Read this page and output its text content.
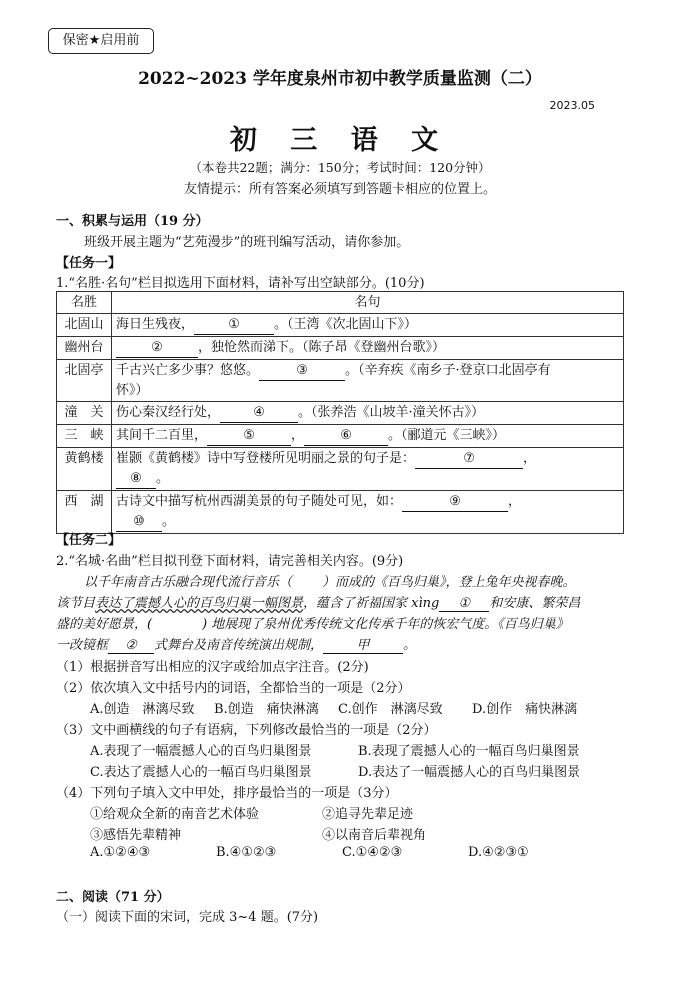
保密★启用前
2022~2023 学年度泉州市初中教学质量监测（二）
2023.05
初 三 语 文
（本卷共22题；满分：150分；考试时间：120分钟）
友情提示：所有答案必须填写到答题卡相应的位置上。
一、积累与运用（19 分）
班级开展主题为“艺苑漫步”的班刊编写活动，请你参加。
【任务一】
1.“名胜·名句”栏目拟选用下面材料，请补写出空缺部分。(10分)
名胜	名句
北固山	海日生残夜， ① 。（王湾《次北固山下》）
幽州台	② ，独怆然而涕下。（陈子昂《登幽州台歌》）
北固亭	千古兴亡多少事？悠悠。 ③ 。（辛弃疾《南乡子·登京口北固亭有
怀》）
潼　关	伤心秦汉经行处， ④ 。（张养浩《山坡羊·潼关怀古》）
三　峡	其间千二百里， ⑤ ， ⑥ 。（郦道元《三峡》）
黄鹤楼	崔颢《黄鹤楼》诗中写登楼所见明丽之景的句子是： ⑦ ，
⑧ 。
西　湖	古诗文中描写杭州西湖美景的句子随处可见，如： ⑨ ，
⑩ 。
【任务二】
2.“名城·名曲”栏目拟刊登下面材料，请完善相关内容。(9分)
以千年南音古乐融合现代流行音乐（ ）而成的《百鸟归巢》，登上兔年央视春晚。
该节目表达了震撼人心的百鸟归巢一幅图景，蕴含了祈福国家 xìng ① 和安康、繁荣昌
盛的美好愿景，(	) 地展现了泉州优秀传统文化传承千年的恢宏气度。《百鸟归巢》
一改镜框 ② 式舞台及南音传统演出规制，	甲	。
（1）根据拼音写出相应的汉字或给加点字注音。(2分)
（2）依次填入文中括号内的词语，全都恰当的一项是（2分）
A.创造　淋漓尽致 B.创造　痛快淋漓 C.创作　淋漓尽致 D.创作　痛快淋漓
（3）文中画横线的句子有语病，下列修改最恰当的一项是（2分）
A.表现了一幅震撼人心的百鸟归巢图景	B.表现了震撼人心的一幅百鸟归巢图景
C.表达了震撼人心的一幅百鸟归巢图景	D.表达了一幅震撼人心的百鸟归巢图景
（4）下列句子填入文中甲处，排序最恰当的一项是（3分）
①给观众全新的南音艺术体验	②追寻先辈足迹
③感悟先辈精神	④以南音后辈视角
A.①②④③	B.④①②③	C.①④②③	D.④②③①
二、阅读（71 分）
（一）阅读下面的宋词，完成 3~4 题。(7分)
